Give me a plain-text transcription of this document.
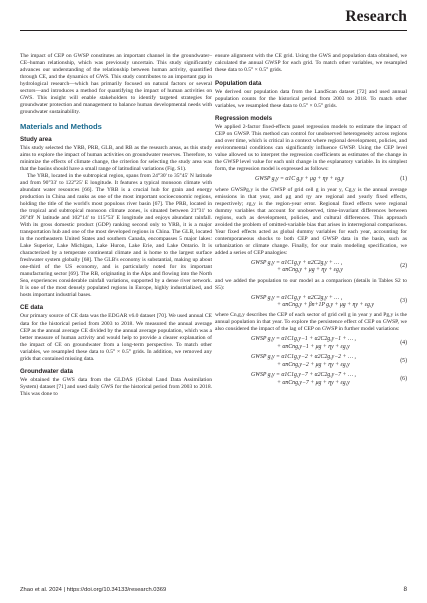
Research

The impact of CEP on GWSP constitutes an important channel in the groundwater–CE–human relationship, which was previously uncertain. This study significantly advances our understanding of the relationship between human activity, quantified through CE, and the dynamics of GWS. This study contributes to an important gap in hydrological research—which has primarily focused on natural factors or several sectors—and introduces a method for quantifying the impact of human activities on GWS. This insight will enable stakeholders to identify targeted strategies for groundwater protection and management to balance human developmental needs with groundwater sustainability.

Materials and Methods
Study area

This study selected the YRB, PRB, GLB, and RB as the research areas, as this study aims to explore the impact of human activities on groundwater reserves. Therefore, to minimize the effects of climate change, the criterion for selecting the study area was that the basins should have a small range of latitudinal variations (Fig. S1).

The YRB, located in the subtropical region, spans from 24°30' to 35°45' N latitude and from 90°33' to 122°25' E longitude. It features a typical monsoon climate with abundant water resources [66]. The YRB is a crucial hub for grain and energy production in China and ranks as one of the most important socioeconomic regions, holding the title of the world's most populous river basin [67]. The PRB, located in the tropical and subtropical monsoon climate zones, is situated between 21°31' to 26°49' N latitude and 102°14' to 115°53' E longitude and enjoys abundant rainfall. With its gross domestic product (GDP) ranking second only to YRB, it is a major transportation hub and one of the most developed regions in China. The GLB, located in the northeastern United States and southern Canada, encompasses 5 major lakes: Lake Superior, Lake Michigan, Lake Huron, Lake Erie, and Lake Ontario. It is characterized by a temperate continental climate and is home to the largest surface freshwater system globally [68]. The GLB's economy is substantial, making up about one-third of the US economy, and is particularly noted for its important manufacturing sector [69]. The RB, originating in the Alps and flowing into the North Sea, experiences considerable rainfall variations, supported by a dense river network. It is one of the most densely populated regions in Europe, highly industrialized, and hosts important industrial bases.

CE data

Our primary source of CE data was the EDGAR v6.0 dataset [70]. We used annual CE data for the historical period from 2003 to 2018. We measured the annual average CEP as the annual average CE divided by the annual average population, which was a better measure of human activity and would help to provide a clearer explanation of the impact of CE on groundwater from a long-term perspective. To match other variables, we resampled these data to 0.5° × 0.5° grids. In addition, we removed any grids that contained missing data.

Groundwater data

We obtained the GWS data from the GLDAS (Global Land Data Assimilation System) dataset [71] and used daily GWS for the historical period from 2003 to 2018. This was done to

ensure alignment with the CE grid. Using the GWS and population data obtained, we calculated the annual GWSP for each grid. To match other variables, we resampled these data to 0.5° × 0.5° grids.

Population data

We derived our population data from the LandScan dataset [72] and used annual population counts for the historical period from 2003 to 2018. To match other variables, we resampled these data to 0.5° × 0.5° grids.

Regression models

We applied 2-factor fixed-effects panel regression models to estimate the impact of CEP on GWSP. This method can control for unobserved heterogeneity across regions and over time, which is critical in a context where regional development, policies, and environmental conditions can significantly influence GWSP. Using the CEP level value allowed us to interpret the regression coefficients as estimates of the change in the GWSP level value for each unit change in the explanatory variable. In its simplest form, the regression model is expressed as follows:

GWSP g,y = α1C g,y + μg + ηy + εg,y	(1)

where GWSPg,y is the GWSP of grid cell g in year y, Cg,y is the annual average emissions in that year, and μg and ηy are regional and yearly fixed effects, respectively; εg,y is the region-year error. Regional fixed effects were regional dummy variables that account for unobserved, time-invariant differences between regions, such as development, policies, and cultural differences. This approach avoided the problem of omitted-variable bias that arises in interregional comparisons. Year fixed effects acted as global dummy variables for each year, accounting for contemporaneous shocks to both CEP and GWSP data in the basin, such as urbanization or climate change. Finally, for our main modeling specification, we added a series of CEP analogies:

GWSP g,y = α1C1g,y + α2C2g,y + … ,
+ αnCng,y + μg + ηy + εg,y
(2)

and we added the population to our model as a comparison (details in Tables S2 to S5):

GWSP g,y = α1C1g,y + α2C2g,y + … ,
+ αnCng,y + βn+1P g,y + μg + ηy + εg,y
(3)

where Cn,g,y describes the CEP of each sector of grid cell g in year y and Pg,y is the annual population in that year. To explore the persistence effect of CEP on GWSP, we also considered the impact of the lag of CEP on GWSP in further model variations:

GWSP g,y = α1C1g,y−1 + α2C2g,y−1 + … ,
+ αnCng,y−1 + μg + ηy + εg,y
(4)
GWSP g,y = α1C1g,y−2 + α2C2g,y−2 + … ,
+ αnCng,y−2 + μg + ηy + εg,y
(5)
GWSP g,y = α1C1g,y−7 + α2C2g,y−7 + … ,
+ αnCng,y−7 + μg + ηy + εg,y
(6)
Zhao et al. 2024 | https://doi.org/10.34133/research.0369	8
